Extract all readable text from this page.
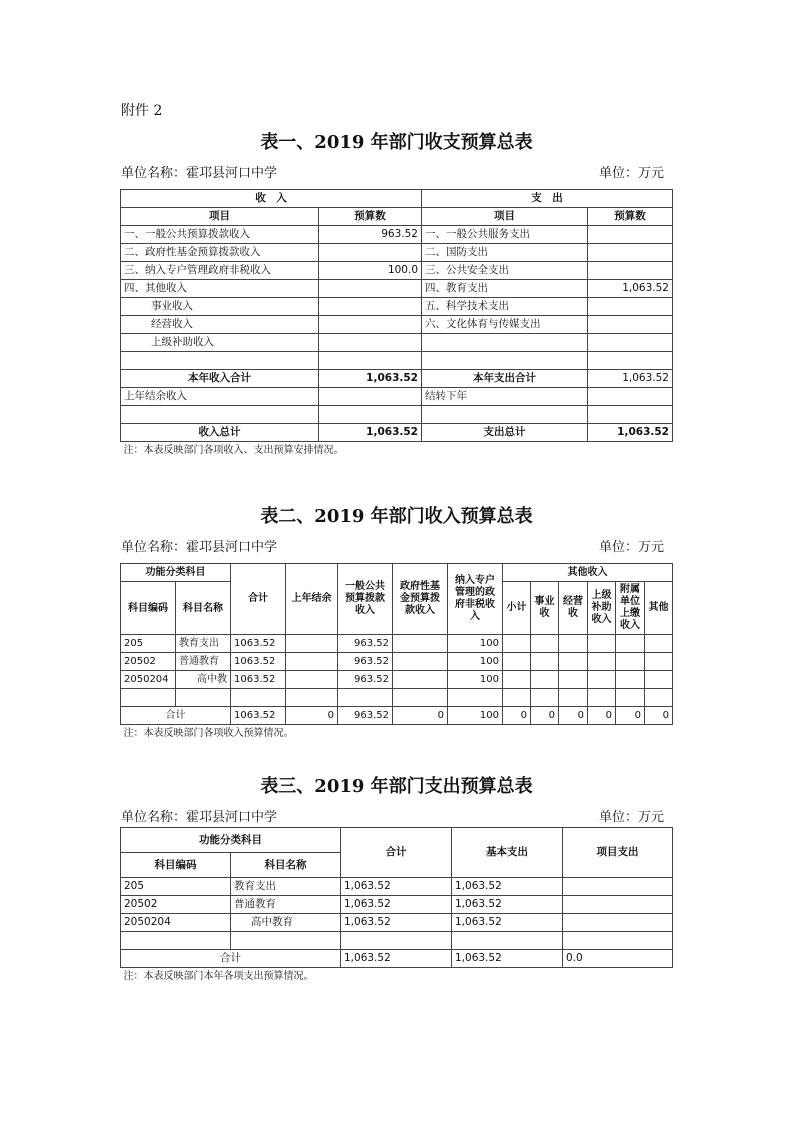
附件 2
表一、2019 年部门收支预算总表
单位名称：霍邛县河口中学	单位：万元
收　入		支　出	
项目	预算数	项目	预算数
一、一般公共预算拨款收入	963.52	一、一般公共服务支出	
二、政府性基金预算拨款收入		二、国防支出	
三、纳入专户管理政府非税收入	100.0	三、公共安全支出	
四、其他收入		四、教育支出	1,063.52
事业收入		五、科学技术支出	
经营收入		六、文化体育与传媒支出	
上级补助收入			

本年收入合计	1,063.52	本年支出合计	1,063.52
上年结余收入		结转下年	

收入总计	1,063.52	支出总计	1,063.52
注：本表反映部门各项收入、支出预算安排情况。			
表二、2019 年部门收入预算总表
单位名称：霍邛县河口中学	单位：万元
功能分类科目		合计	上年结余	一般公共预算拨款收入	政府性基金预算拨款收入	纳入专户管理的政府非税收入	其他收入					
科目编码	科目名称						小计	事业收	经营收	上级补助收入	附属单位上缴收入	其他
205	教育支出	1063.52		963.52		100						
20502	普通教育	1063.52		963.52		100						
2050204	高中教	1063.52		963.52		100						

合计		1063.52	0	963.52	0	100	0	0	0	0	0	0
注：本表反映部门各项收入预算情况。												
表三、2019 年部门支出预算总表
单位名称：霍邛县河口中学	单位：万元
功能分类科目		合计	基本支出	项目支出
科目编码	科目名称			
205	教育支出	1,063.52	1,063.52	
20502	普通教育	1,063.52	1,063.52	
2050204	高中教育	1,063.52	1,063.52	

合计		1,063.52	1,063.52	0.0
注：本表反映部门本年各项支出预算情况。				
